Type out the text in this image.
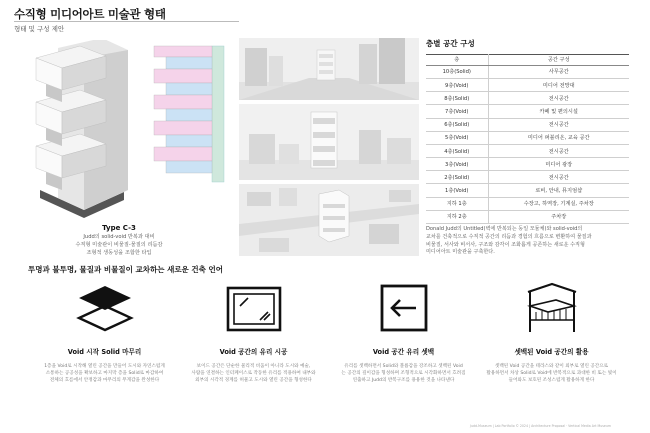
수직형 미디어아트 미술관 형태
형태 및 구성 제안
Type C-3
Judd의 solid-void 반복과 대비
수직형 미술관이 비물질-물질의 리듬감
조형적 생동성을 조합한 타입
층별 공간 구성
층	공간 구성
10층(Solid)	사무공간
9층(Void)	미디어 전망대
8층(Solid)	전시공간
7층(Void)	카페 및 편의시설
6층(Solid)	전시공간
5층(Void)	미디어 퍼블리온, 교육 공간
4층(Solid)	전시공간
3층(Void)	미디어 광장
2층(Solid)	전시공간
1층(Void)	로비, 안내, 뮤지엄샵
지하 1층	수장고, 하역장, 기계실, 주차장
지하 2층	주차장
Donald Judd의 Untitled(벽에 반복되는 동일 모듈체)와 solid-void의
교차를 건축적으로 수직적 공간의 리듬과 경험의 흐름으로 변환하여 물질과
비물질, 서사와 비서사, 구조와 감각이 조화롭게 공존하는 새로운 수직형
미디어아트 미술관을 구축한다.
투명과 불투명, 물질과 비물질이 교차하는 새로운 건축 언어
Void 시작 Solid 마무리
1층을 Void로 시작해 열린 공간을 만들어 도시와 자연스럽게
소통하는 공공성을 확보하고 마지막 층을 Solid로 마감하여
전체의 흐름에서 안정감과 마무리의 무게감을 완성한다
Void 공간의 유리 시공
보이드 공간은 단순한 물리적 비움이 아니라 도시와 예술,
사람을 연결하는 인터페이스로 작동한 유리를 적용하여 내부와
외부의 시각적 경계를 허물고 도시와 열린 공간을 형성한다
Void 공간 유리 셋백
유리를 셋백하면서 Solid와 볼륨감을 강조하고 셋백된 Void
는 공간의 깊이감을 형성하며 조형적으로 시각화하면서 흐려짐
연출하고 Judd의 반복구조를 용용한 것을 나타낸다
셋백된 Void 공간의 활용
셋백된 Void 공간을 테라스와 같이 외부로 열린 공간으로
활용하면서 차상 Solid로 Void에 반복적으로 과대한 비 또는 빛이
들어와도 보호된 조성스럽게 활용하게 한다
Judd-Museum | Lab Portfolio © 2024 | Architecture Proposal · Vertical Media Art Museum
